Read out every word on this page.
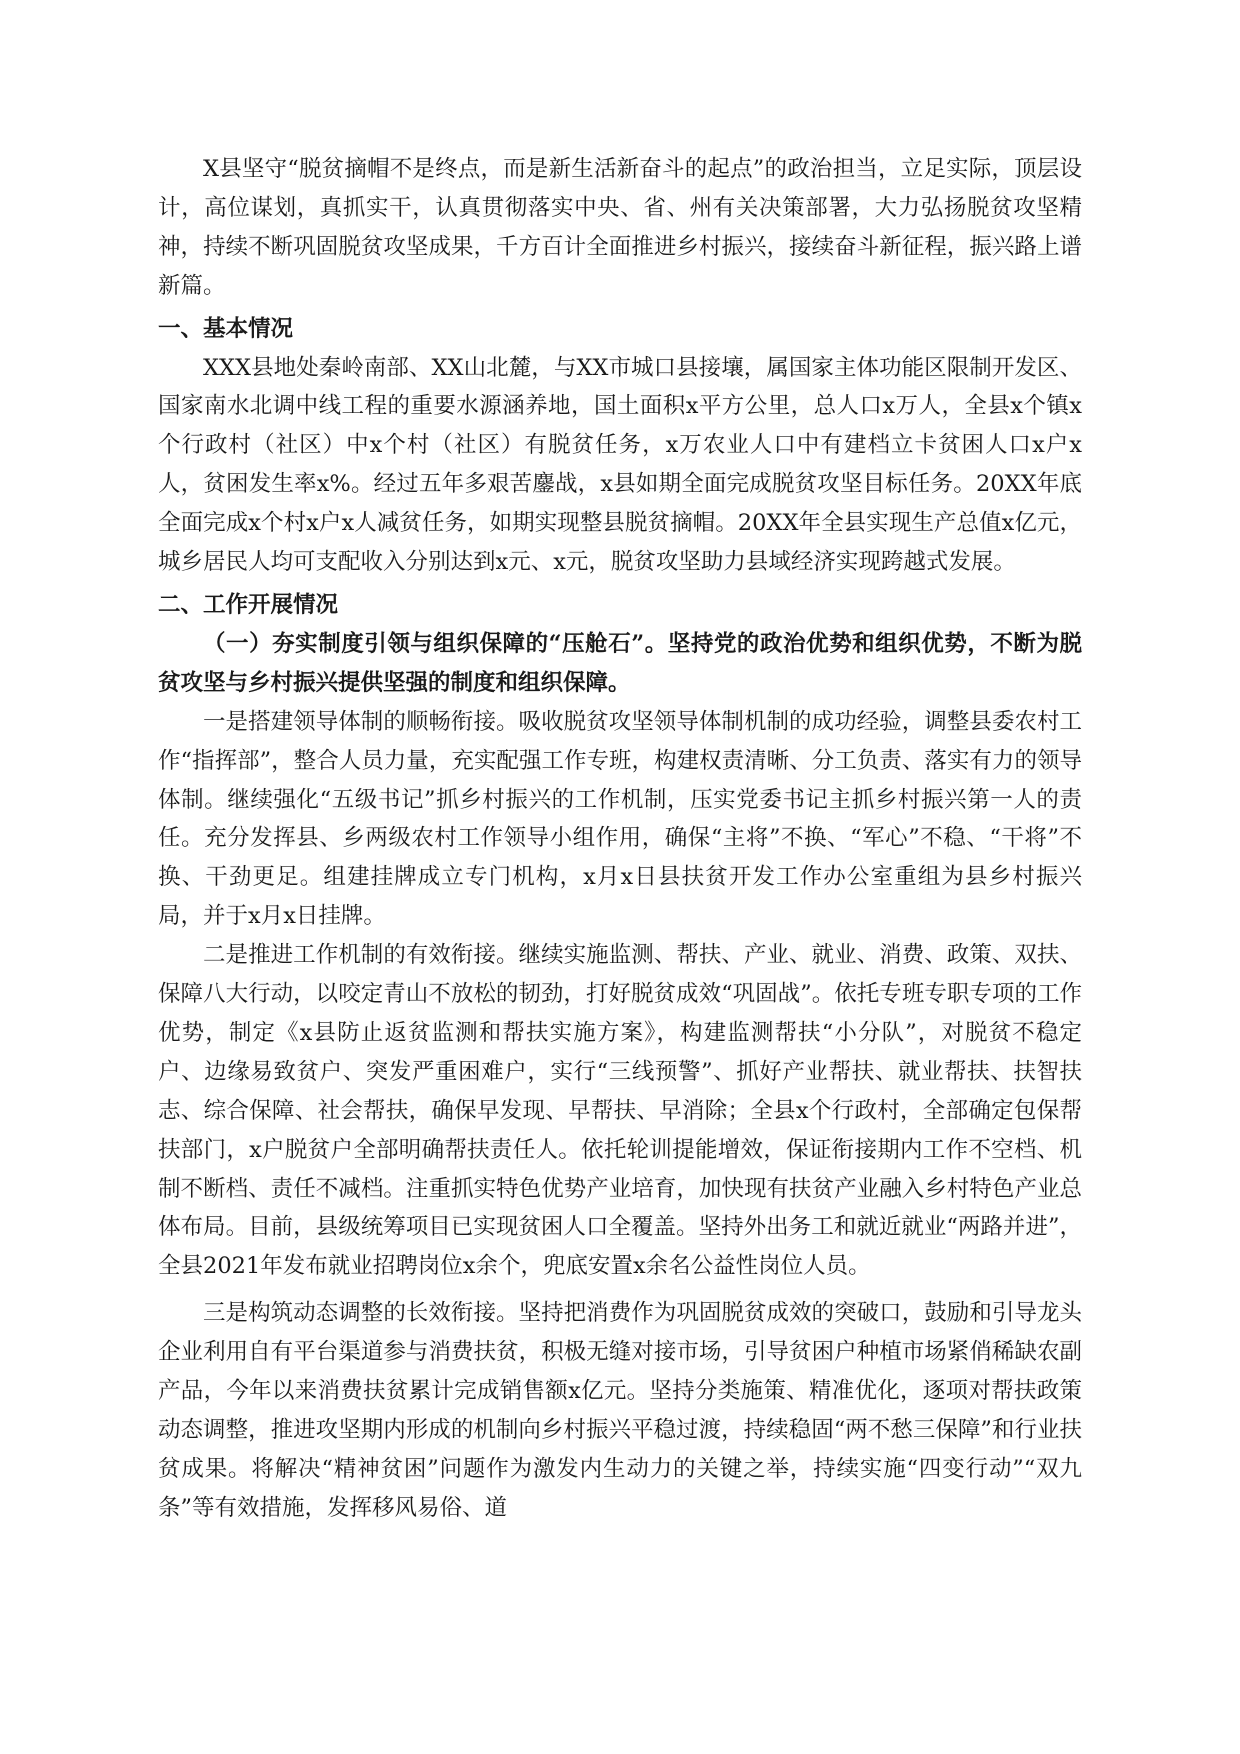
X县坚守“脱贫摘帽不是终点，而是新生活新奋斗的起点”的政治担当，立足实际，顶层设计，高位谋划，真抓实干，认真贯彻落实中央、省、州有关决策部署，大力弘扬脱贫攻坚精神，持续不断巩固脱贫攻坚成果，千方百计全面推进乡村振兴，接续奋斗新征程，振兴路上谱新篇。

一、基本情况

XXX县地处秦岭南部、XX山北麓，与XX市城口县接壤，属国家主体功能区限制开发区、国家南水北调中线工程的重要水源涵养地，国土面积x平方公里，总人口x万人，全县x个镇x个行政村（社区）中x个村（社区）有脱贫任务，x万农业人口中有建档立卡贫困人口x户x人，贫困发生率x%。经过五年多艰苦鏖战，x县如期全面完成脱贫攻坚目标任务。20XX年底全面完成x个村x户x人减贫任务，如期实现整县脱贫摘帽。20XX年全县实现生产总值x亿元，城乡居民人均可支配收入分别达到x元、x元，脱贫攻坚助力县域经济实现跨越式发展。

二、工作开展情况

（一）夯实制度引领与组织保障的“压舱石”。坚持党的政治优势和组织优势，不断为脱贫攻坚与乡村振兴提供坚强的制度和组织保障。

一是搭建领导体制的顺畅衔接。吸收脱贫攻坚领导体制机制的成功经验，调整县委农村工作“指挥部”，整合人员力量，充实配强工作专班，构建权责清晰、分工负责、落实有力的领导体制。继续强化“五级书记”抓乡村振兴的工作机制，压实党委书记主抓乡村振兴第一人的责任。充分发挥县、乡两级农村工作领导小组作用，确保“主将”不换、“军心”不稳、“干将”不换、干劲更足。组建挂牌成立专门机构，x月x日县扶贫开发工作办公室重组为县乡村振兴局，并于x月x日挂牌。

二是推进工作机制的有效衔接。继续实施监测、帮扶、产业、就业、消费、政策、双扶、保障八大行动，以咬定青山不放松的韧劲，打好脱贫成效“巩固战”。依托专班专职专项的工作优势，制定《x县防止返贫监测和帮扶实施方案》，构建监测帮扶“小分队”，对脱贫不稳定户、边缘易致贫户、突发严重困难户，实行“三线预警”、抓好产业帮扶、就业帮扶、扶智扶志、综合保障、社会帮扶，确保早发现、早帮扶、早消除；全县x个行政村，全部确定包保帮扶部门，x户脱贫户全部明确帮扶责任人。依托轮训提能增效，保证衔接期内工作不空档、机制不断档、责任不减档。注重抓实特色优势产业培育，加快现有扶贫产业融入乡村特色产业总体布局。目前，县级统筹项目已实现贫困人口全覆盖。坚持外出务工和就近就业“两路并进”，全县2021年发布就业招聘岗位x余个，兜底安置x余名公益性岗位人员。

三是构筑动态调整的长效衔接。坚持把消费作为巩固脱贫成效的突破口，鼓励和引导龙头企业利用自有平台渠道参与消费扶贫，积极无缝对接市场，引导贫困户种植市场紧俏稀缺农副产品，今年以来消费扶贫累计完成销售额x亿元。坚持分类施策、精准优化，逐项对帮扶政策动态调整，推进攻坚期内形成的机制向乡村振兴平稳过渡，持续稳固“两不愁三保障”和行业扶贫成果。将解决“精神贫困”问题作为激发内生动力的关键之举，持续实施“四变行动”“双九条”等有效措施，发挥移风易俗、道
